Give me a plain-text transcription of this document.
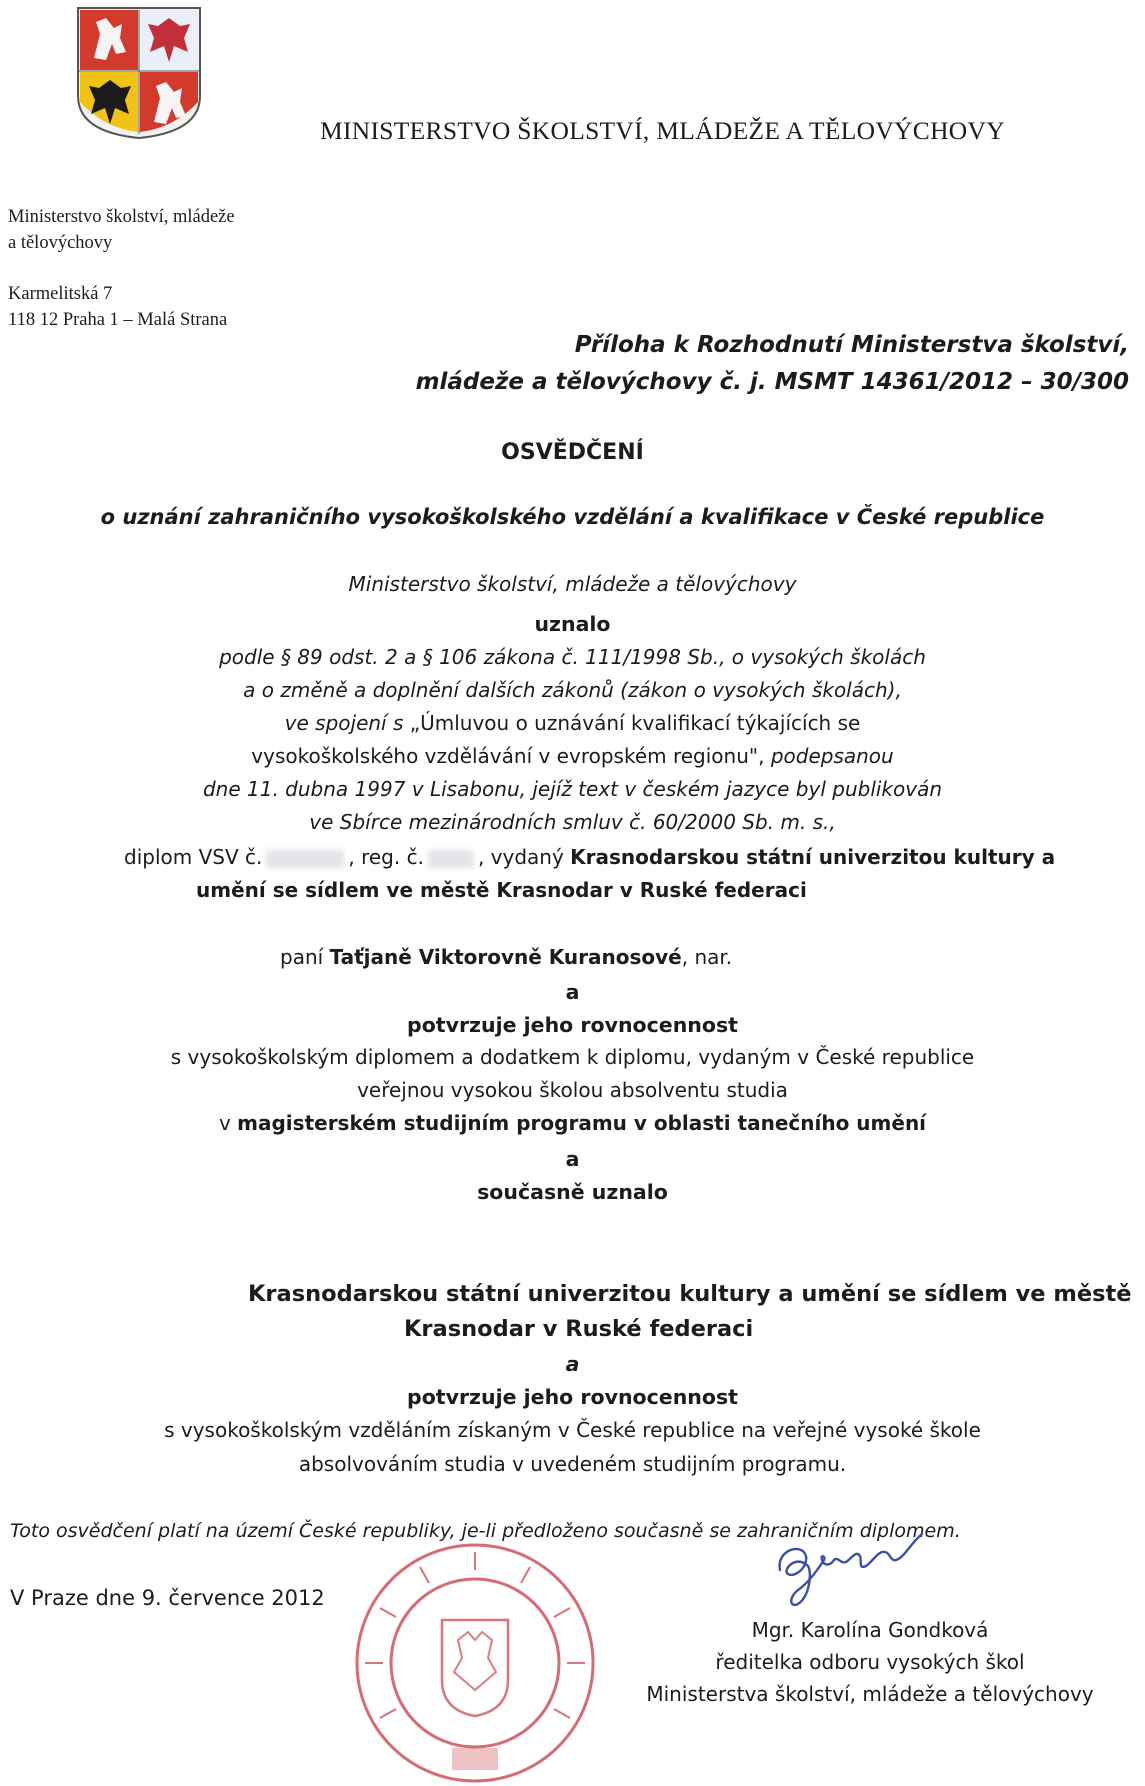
MINISTERSTVO ŠKOLSTVÍ, MLÁDEŽE A TĚLOVÝCHOVY
Ministerstvo školství, mládeže
a tělovýchovy
Karmelitská 7
118 12 Praha 1 – Malá Strana
Příloha k Rozhodnutí Ministerstva školství,
mládeže a tělovýchovy č. j. MSMT 14361/2012 – 30/300
OSVĚDČENÍ
o uznání zahraničního vysokoškolského vzdělání a kvalifikace v České republice
Ministerstvo školství, mládeže a tělovýchovy
uznalo
podle § 89 odst. 2 a § 106 zákona č. 111/1998 Sb., o vysokých školách
a o změně a doplnění dalších zákonů (zákon o vysokých školách),
ve spojení s „Úmluvou o uznávání kvalifikací týkajících se
vysokoškolského vzdělávání v evropském regionu", podepsanou
dne 11. dubna 1997 v Lisabonu, jejíž text v českém jazyce byl publikován
ve Sbírce mezinárodních smluv č. 60/2000 Sb. m. s.,
diplom VSV č.	, reg. č.	, vydaný Krasnodarskou státní univerzitou kultury a
umění se sídlem ve městě Krasnodar v Ruské federaci
paní Taťjaně Viktorovně Kuranosové, nar.
a
potvrzuje jeho rovnocennost
s vysokoškolským diplomem a dodatkem k diplomu, vydaným v České republice
veřejnou vysokou školou absolventu studia
v magisterském studijním programu v oblasti tanečního umění
a
současně uznalo
Krasnodarskou státní univerzitou kultury a umění se sídlem ve městě
Krasnodar v Ruské federaci
a
potvrzuje jeho rovnocennost
s vysokoškolským vzděláním získaným v České republice na veřejné vysoké škole
absolvováním studia v uvedeném studijním programu.
Toto osvědčení platí na území České republiky, je-li předloženo současně se zahraničním diplomem.
V Praze dne 9. července 2012
Mgr. Karolína Gondková
ředitelka odboru vysokých škol
Ministerstva školství, mládeže a tělovýchovy
